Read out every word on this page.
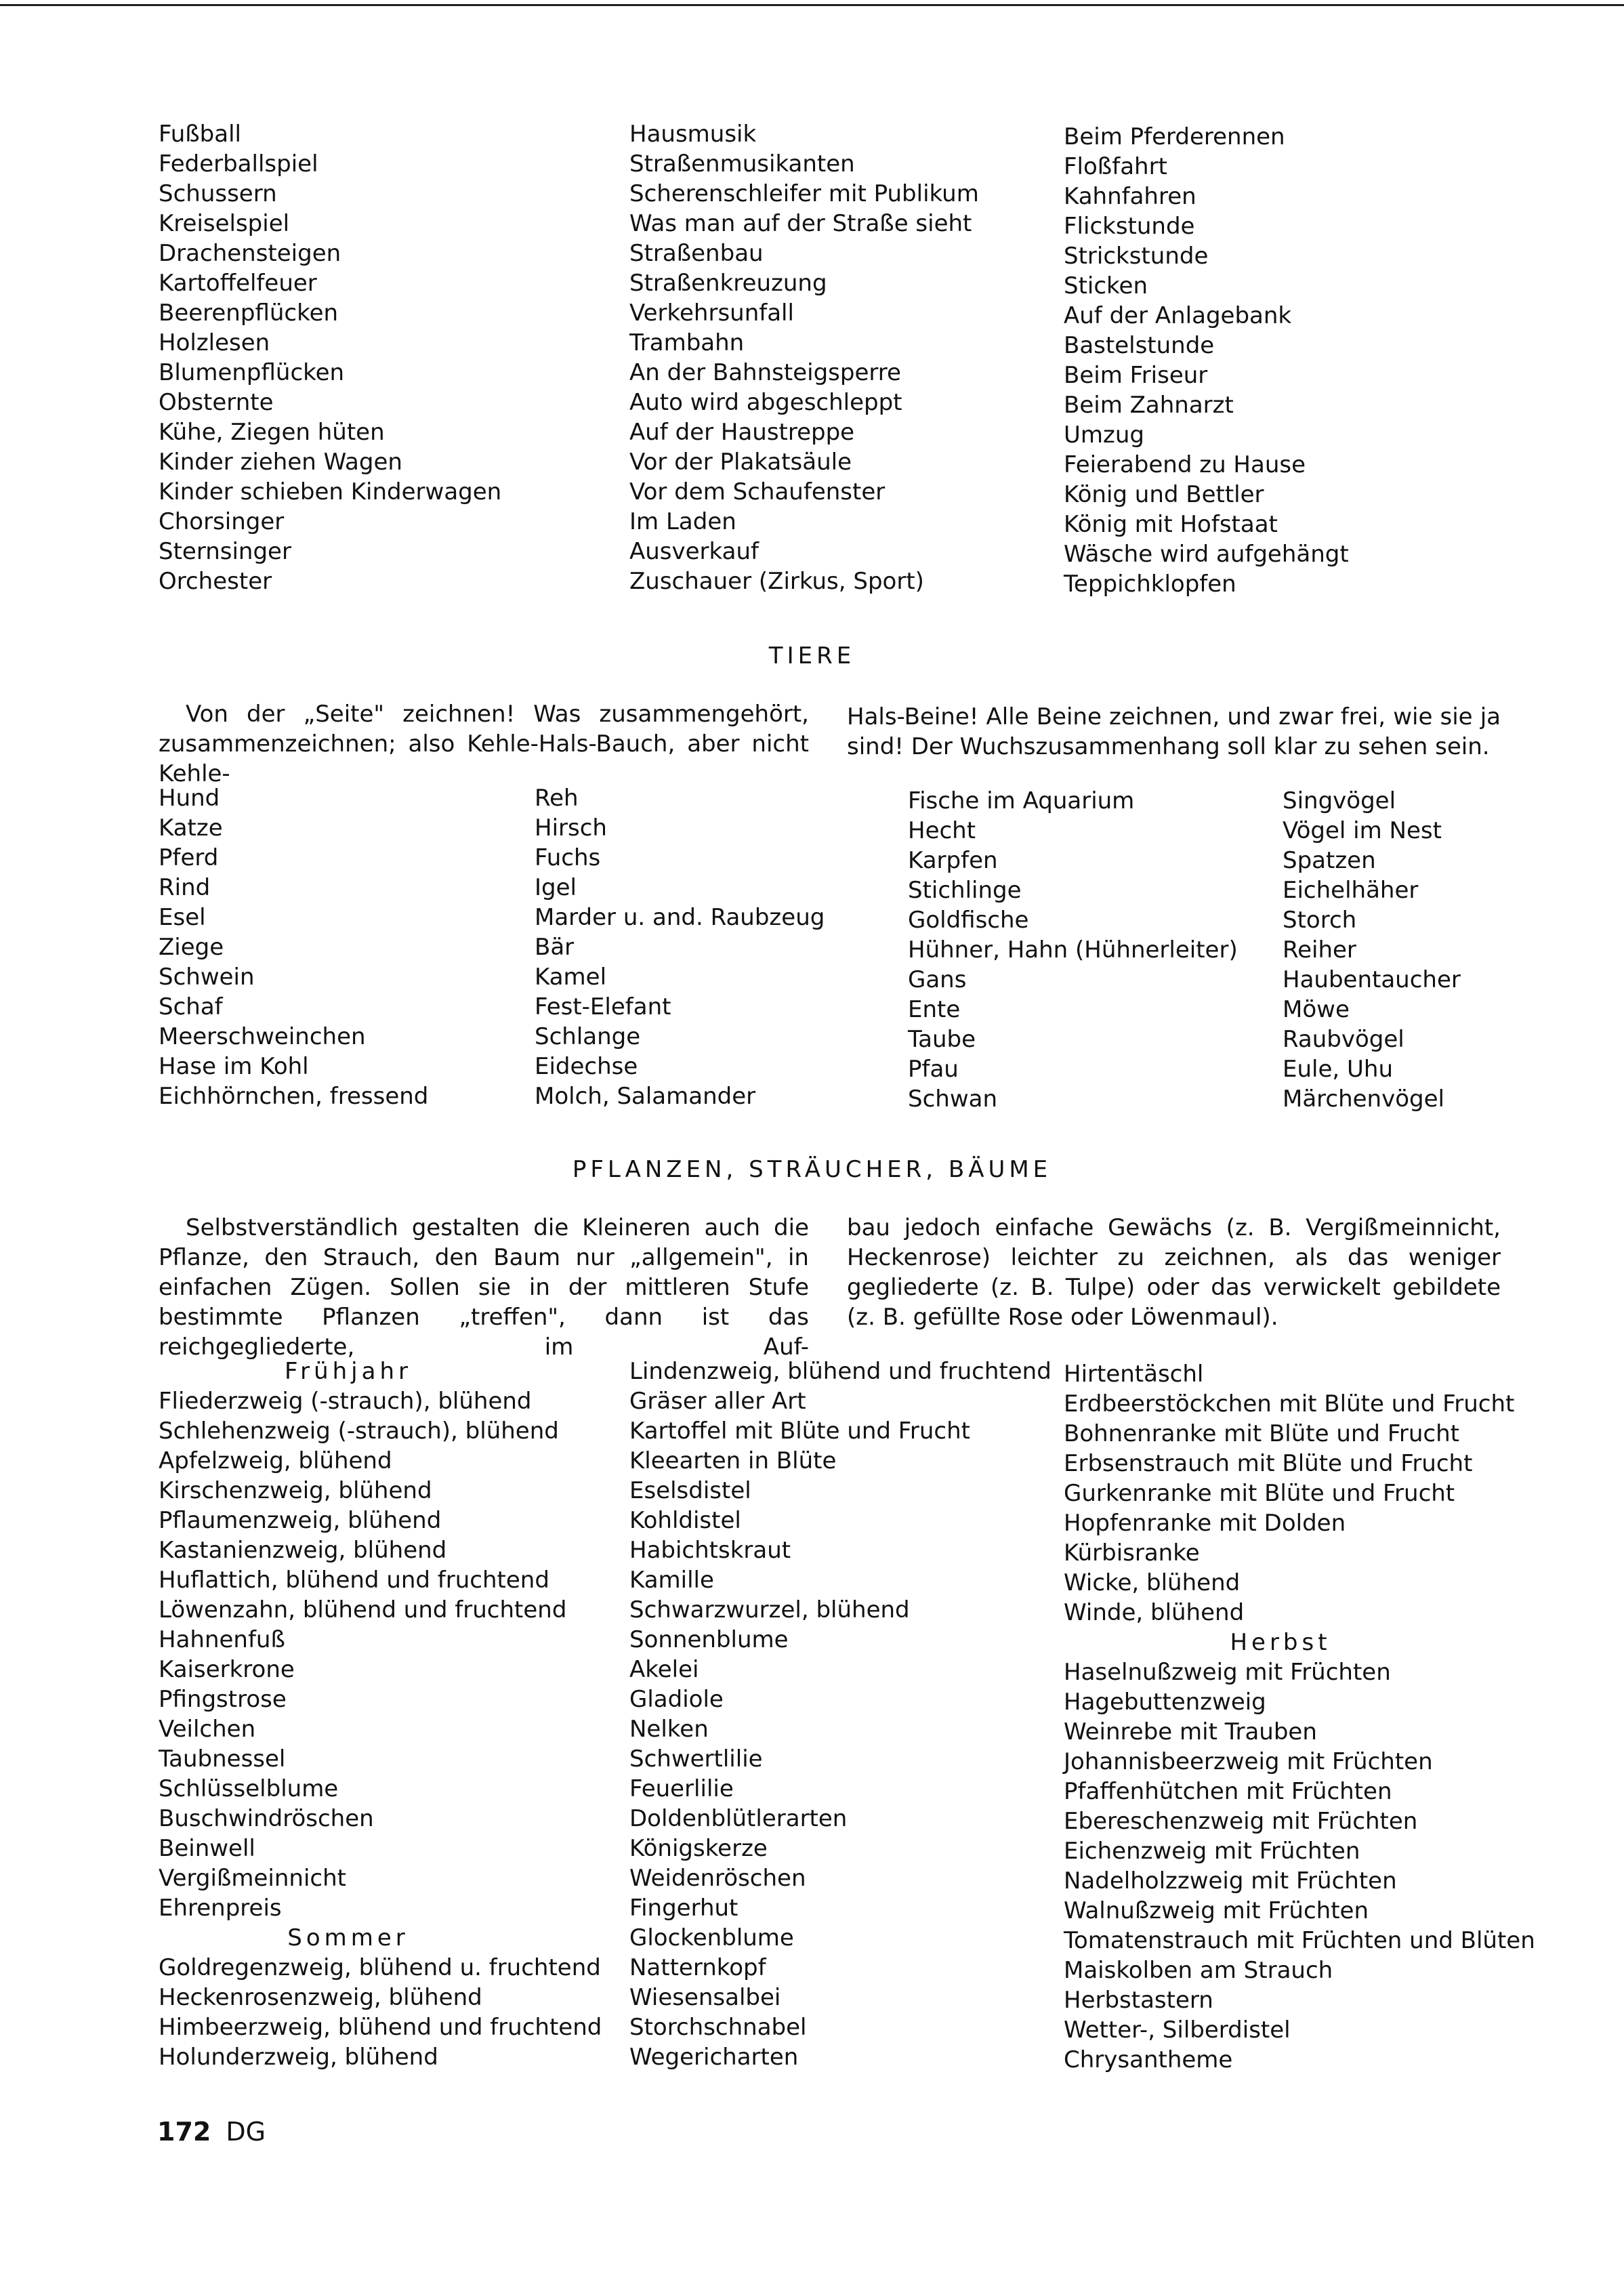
Fußball
Federballspiel
Schussern
Kreiselspiel
Drachensteigen
Kartoffelfeuer
Beerenpflücken
Holzlesen
Blumenpflücken
Obsternte
Kühe, Ziegen hüten
Kinder ziehen Wagen
Kinder schieben Kinderwagen
Chorsinger
Sternsinger
Orchester
Hausmusik
Straßenmusikanten
Scherenschleifer mit Publikum
Was man auf der Straße sieht
Straßenbau
Straßenkreuzung
Verkehrsunfall
Trambahn
An der Bahnsteigsperre
Auto wird abgeschleppt
Auf der Haustreppe
Vor der Plakatsäule
Vor dem Schaufenster
Im Laden
Ausverkauf
Zuschauer (Zirkus, Sport)
Beim Pferderennen
Floßfahrt
Kahnfahren
Flickstunde
Strickstunde
Sticken
Auf der Anlagebank
Bastelstunde
Beim Friseur
Beim Zahnarzt
Umzug
Feierabend zu Hause
König und Bettler
König mit Hofstaat
Wäsche wird aufgehängt
Teppichklopfen
TIERE
Von der „Seite" zeichnen! Was zusammengehört, zusammenzeichnen; also Kehle-Hals-Bauch, aber nicht Kehle-
Hals-Beine! Alle Beine zeichnen, und zwar frei, wie sie ja sind! Der Wuchszusammenhang soll klar zu sehen sein.
Hund
Katze
Pferd
Rind
Esel
Ziege
Schwein
Schaf
Meerschweinchen
Hase im Kohl
Eichhörnchen, fressend
Reh
Hirsch
Fuchs
Igel
Marder u. and. Raubzeug
Bär
Kamel
Fest-Elefant
Schlange
Eidechse
Molch, Salamander
Fische im Aquarium
Hecht
Karpfen
Stichlinge
Goldfische
Hühner, Hahn (Hühnerleiter)
Gans
Ente
Taube
Pfau
Schwan
Singvögel
Vögel im Nest
Spatzen
Eichelhäher
Storch
Reiher
Haubentaucher
Möwe
Raubvögel
Eule, Uhu
Märchenvögel
PFLANZEN, STRÄUCHER, BÄUME
Selbstverständlich gestalten die Kleineren auch die Pflanze, den Strauch, den Baum nur „allgemein", in einfachen Zügen. Sollen sie in der mittleren Stufe bestimmte Pflanzen „treffen", dann ist das reichgegliederte, im Auf-
bau jedoch einfache Gewächs (z. B. Vergißmeinnicht, Heckenrose) leichter zu zeichnen, als das weniger gegliederte (z. B. Tulpe) oder das verwickelt gebildete (z. B. gefüllte Rose oder Löwenmaul).
Frühjahr
Fliederzweig (-strauch), blühend
Schlehenzweig (-strauch), blühend
Apfelzweig, blühend
Kirschenzweig, blühend
Pflaumenzweig, blühend
Kastanienzweig, blühend
Huflattich, blühend und fruchtend
Löwenzahn, blühend und fruchtend
Hahnenfuß
Kaiserkrone
Pfingstrose
Veilchen
Taubnessel
Schlüsselblume
Buschwindröschen
Beinwell
Vergißmeinnicht
Ehrenpreis
Sommer
Goldregenzweig, blühend u. fruchtend
Heckenrosenzweig, blühend
Himbeerzweig, blühend und fruchtend
Holunderzweig, blühend
Lindenzweig, blühend und fruchtend
Gräser aller Art
Kartoffel mit Blüte und Frucht
Kleearten in Blüte
Eselsdistel
Kohldistel
Habichtskraut
Kamille
Schwarzwurzel, blühend
Sonnenblume
Akelei
Gladiole
Nelken
Schwertlilie
Feuerlilie
Doldenblütlerarten
Königskerze
Weidenröschen
Fingerhut
Glockenblume
Natternkopf
Wiesensalbei
Storchschnabel
Wegericharten
Hirtentäschl
Erdbeerstöckchen mit Blüte und Frucht
Bohnenranke mit Blüte und Frucht
Erbsenstrauch mit Blüte und Frucht
Gurkenranke mit Blüte und Frucht
Hopfenranke mit Dolden
Kürbisranke
Wicke, blühend
Winde, blühend
Herbst
Haselnußzweig mit Früchten
Hagebuttenzweig
Weinrebe mit Trauben
Johannisbeerzweig mit Früchten
Pfaffenhütchen mit Früchten
Ebereschenzweig mit Früchten
Eichenzweig mit Früchten
Nadelholzzweig mit Früchten
Walnußzweig mit Früchten
Tomatenstrauch mit Früchten und Blüten
Maiskolben am Strauch
Herbstastern
Wetter-, Silberdistel
Chrysantheme
172 DG
